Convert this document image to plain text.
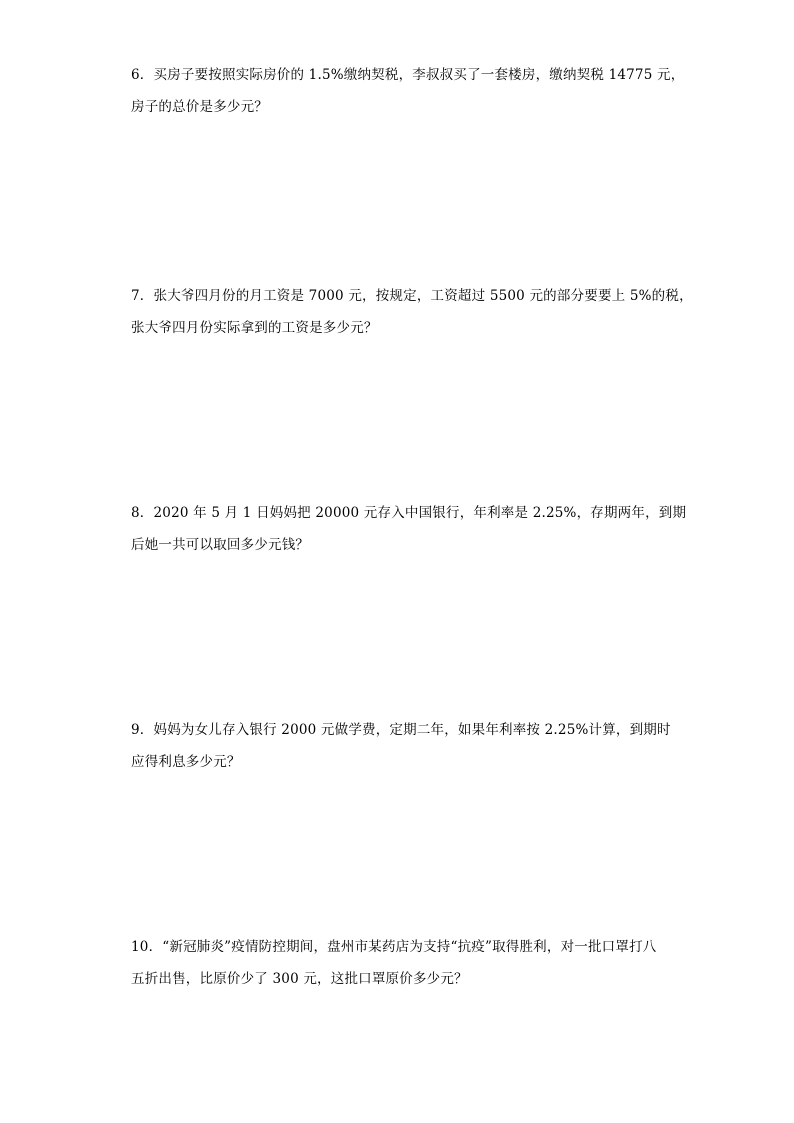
6．买房子要按照实际房价的 1.5%缴纳契税，李叔叔买了一套楼房，缴纳契税 14775 元，
房子的总价是多少元？
7．张大爷四月份的月工资是 7000 元，按规定，工资超过 5500 元的部分要要上 5%的税，
张大爷四月份实际拿到的工资是多少元？
8．2020 年 5 月 1 日妈妈把 20000 元存入中国银行，年利率是 2.25%，存期两年，到期
后她一共可以取回多少元钱？
9．妈妈为女儿存入银行 2000 元做学费，定期二年，如果年利率按 2.25%计算，到期时
应得利息多少元？
10．“新冠肺炎”疫情防控期间，盘州市某药店为支持“抗疫”取得胜利，对一批口罩打八
五折出售，比原价少了 300 元，这批口罩原价多少元？
